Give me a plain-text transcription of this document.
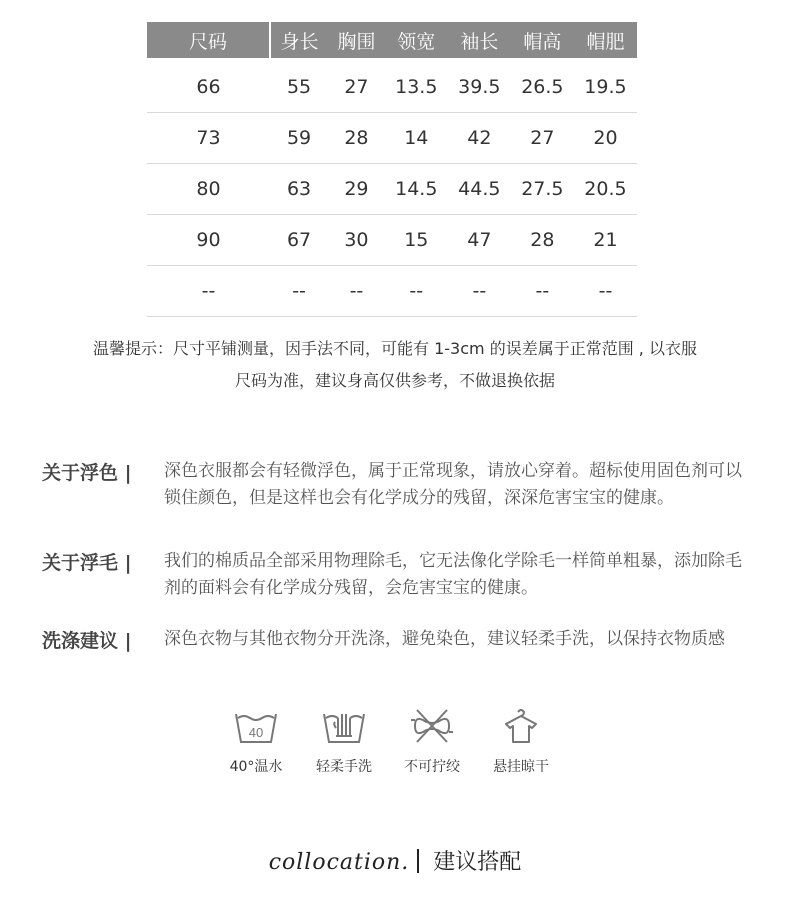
尺码	身长	胸围	领宽	袖长	帽高	帽肥

66	55	27	13.5	39.5	26.5	19.5
73	59	28	14	42	27	20
80	63	29	14.5	44.5	27.5	20.5
90	67	30	15	47	28	21
--	--	--	--	--	--	--
温馨提示：尺寸平铺测量，因手法不同，可能有 1-3cm 的误差属于正常范围 , 以衣服
尺码为准，建议身高仅供参考，不做退换依据
关于浮色 | 深色衣服都会有轻微浮色，属于正常现象，请放心穿着。超标使用固色剂可以锁住颜色，但是这样也会有化学成分的残留，深深危害宝宝的健康。
关于浮毛 | 我们的棉质品全部采用物理除毛，它无法像化学除毛一样简单粗暴，添加除毛剂的面料会有化学成分残留，会危害宝宝的健康。
洗涤建议 | 深色衣物与其他衣物分开洗涤，避免染色，建议轻柔手洗，以保持衣物质感
40
40°温水	轻柔手洗	不可拧绞	悬挂晾干
collocation. 建议搭配
